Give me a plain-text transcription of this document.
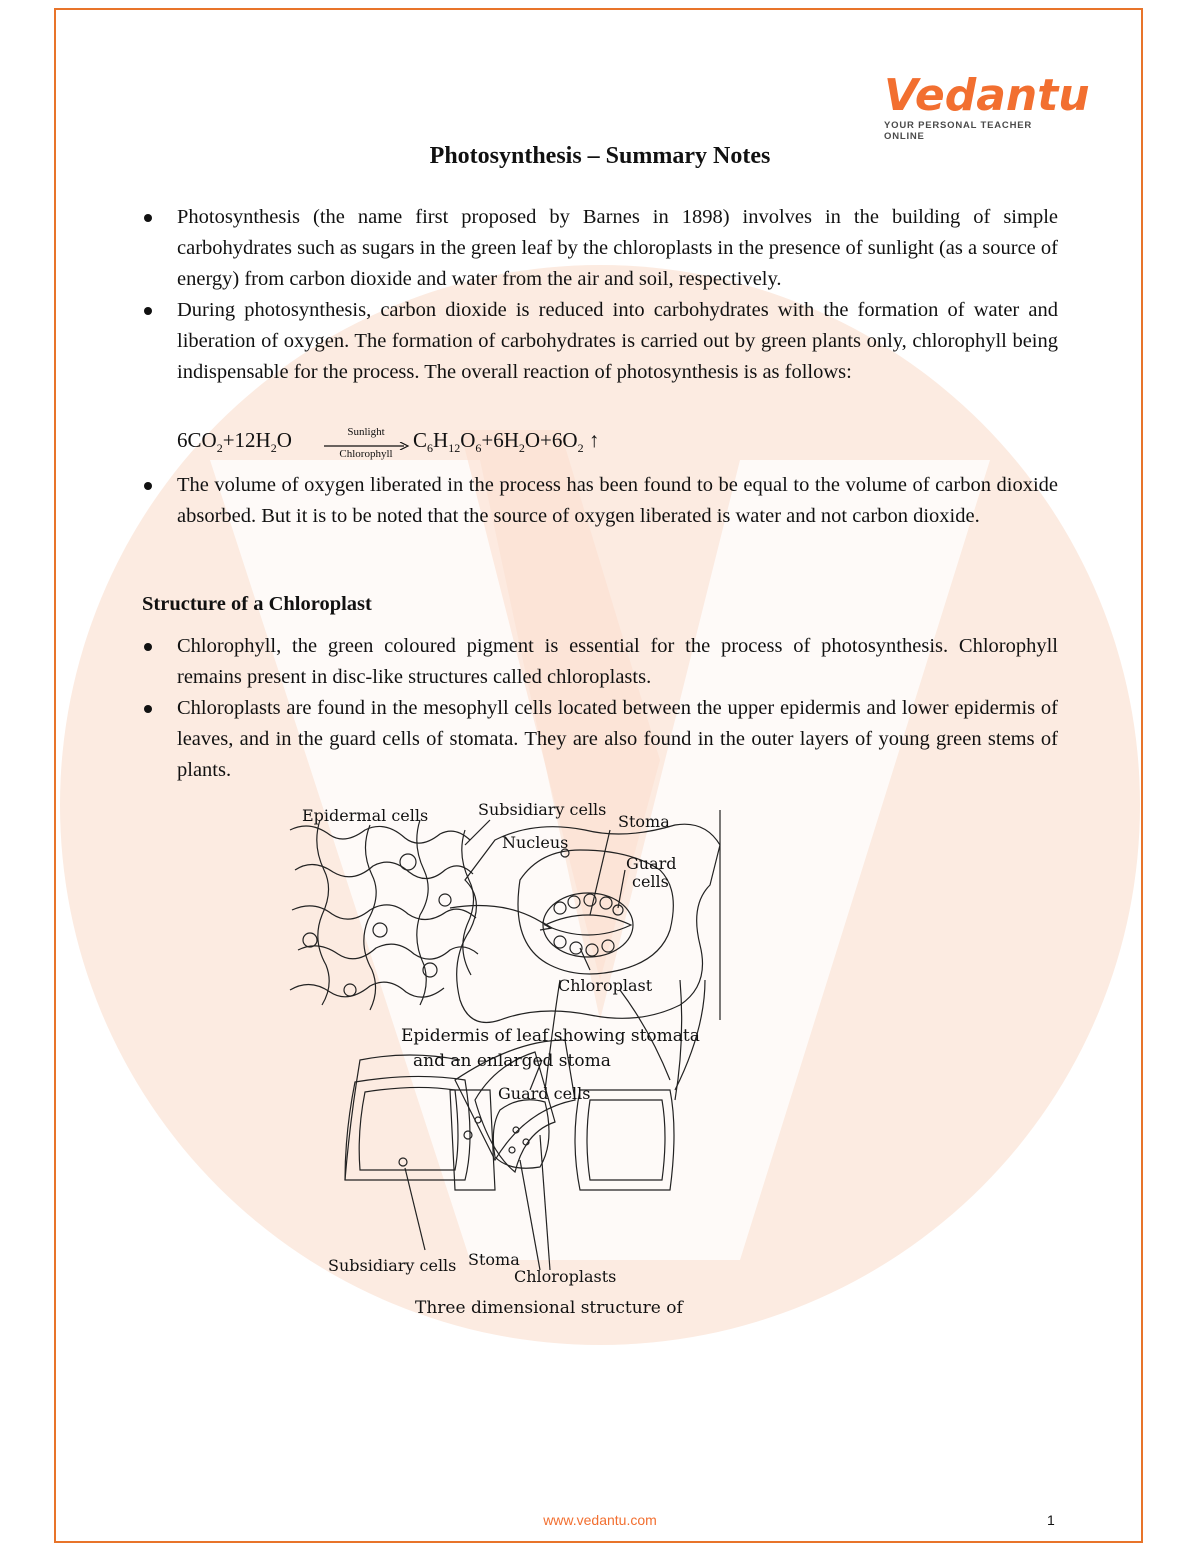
Vedantu
YOUR PERSONAL TEACHER ONLINE
Photosynthesis – Summary Notes
Photosynthesis (the name first proposed by Barnes in 1898) involves in the building of simple carbohydrates such as sugars in the green leaf by the chloroplasts in the presence of sunlight (as a source of energy) from carbon dioxide and water from the air and soil, respectively.
During photosynthesis, carbon dioxide is reduced into carbohydrates with the formation of water and liberation of oxygen. The formation of carbohydrates is carried out by green plants only, chlorophyll being indispensable for the process. The overall reaction of photosynthesis is as follows:
$6CO_2+12H_2O$	Sunlight
Chlorophyll
$C_6H_{12}O_6+6H_2O+6O_2$ ↑
The volume of oxygen liberated in the process has been found to be equal to the volume of carbon dioxide absorbed. But it is to be noted that the source of oxygen liberated is water and not carbon dioxide.
Structure of a Chloroplast
Chlorophyll, the green coloured pigment is essential for the process of photosynthesis. Chlorophyll remains present in disc-like structures called chloroplasts.
Chloroplasts are found in the mesophyll cells located between the upper epidermis and lower epidermis of leaves, and in the guard cells of stomata. They are also found in the outer layers of young green stems of plants.
Epidermal cells	Subsidiary cells
Stoma
Nucleus
Guard
cells
Chloroplast
Epidermis of leaf showing stomata
and an enlarged stoma
Guard cells
Subsidiary cells Stoma
Chloroplasts
Three dimensional structure of
www.vedantu.com	1
